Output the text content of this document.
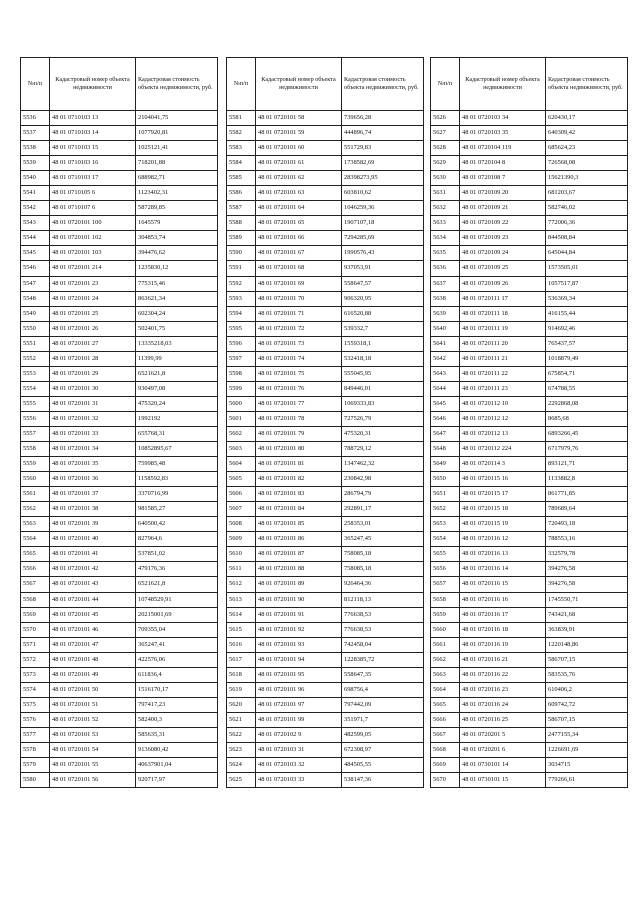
№п/п	Кадастровый номер объекта недвижимости	Кадастровая стоимость объекта недвижимости, руб.
5536	48 01 0710103 13	2104041,75
5537	48 01 0710103 14	1077920,81
5538	48 01 0710103 15	1025121,41
5539	48 01 0710103 16	718201,88
5540	48 01 0710103 17	688982,71
5541	48 01 0710105 6	1123402,31
5542	48 01 0710107 6	587289,85
5543	48 01 0720101 100	1645579
5544	48 01 0720101 102	304853,74
5545	48 01 0720101 103	394476,62
5546	48 01 0720101 214	1235830,12
5547	48 01 0720101 23	775315,46
5548	48 01 0720101 24	863621,34
5549	48 01 0720101 25	602304,24
5550	48 01 0720101 26	502401,75
5551	48 01 0720101 27	13335218,03
5552	48 01 0720101 28	11399,99
5553	48 01 0720101 29	6521621,8
5554	48 01 0720101 30	930497,08
5555	48 01 0720101 31	475320,24
5556	48 01 0720101 32	1992192
5557	48 01 0720101 33	655768,31
5558	48 01 0720101 34	10852895,67
5559	48 01 0720101 35	759985,48
5560	48 01 0720101 36	1158592,83
5561	48 01 0720101 37	3370716,99
5562	48 01 0720101 38	981585,27
5563	48 01 0720101 39	640500,42
5564	48 01 0720101 40	827964,6
5565	48 01 0720101 41	537851,02
5566	48 01 0720101 42	479176,36
5567	48 01 0720101 43	6521621,8
5568	48 01 0720101 44	10748529,91
5569	48 01 0720101 45	20215001,69
5570	48 01 0720101 46	709355,04
5571	48 01 0720101 47	365247,41
5572	48 01 0720101 48	422576,06
5573	48 01 0720101 49	611836,4
5574	48 01 0720101 50	1516170,17
5575	48 01 0720101 51	797417,23
5576	48 01 0720101 52	582400,3
5577	48 01 0720101 53	585635,31
5578	48 01 0720101 54	9136080,42
5579	48 01 0720101 55	40637901,04
5580	48 01 0720101 56	920717,97
№п/п	Кадастровый номер объекта недвижимости	Кадастровая стоимость объекта недвижимости, руб.
5581	48 01 0720101 58	739656,28
5582	48 01 0720101 59	444896,74
5583	48 01 0720101 60	551729,83
5584	48 01 0720101 61	1738582,69
5585	48 01 0720101 62	28398273,95
5586	48 01 0720101 63	603810,62
5587	48 01 0720101 64	1046259,36
5588	48 01 0720101 65	1907107,18
5589	48 01 0720101 66	7294285,69
5590	48 01 0720101 67	1990576,43
5591	48 01 0720101 68	937053,91
5592	48 01 0720101 69	558647,57
5593	48 01 0720101 70	906320,95
5594	48 01 0720101 71	616520,88
5595	48 01 0720101 72	539332,7
5596	48 01 0720101 73	1559318,1
5597	48 01 0720101 74	532418,18
5598	48 01 0720101 75	555045,95
5599	48 01 0720101 76	849446,01
5600	48 01 0720101 77	1069333,83
5601	48 01 0720101 78	727526,79
5602	48 01 0720101 79	475320,31
5603	48 01 0720101 80	788729,12
5604	48 01 0720101 81	1347462,32
5605	48 01 0720101 82	230842,98
5606	48 01 0720101 83	286794,79
5607	48 01 0720101 84	292891,17
5608	48 01 0720101 85	258353,01
5609	48 01 0720101 86	365247,45
5610	48 01 0720101 87	758085,18
5611	48 01 0720101 88	758085,18
5612	48 01 0720101 89	926464,36
5613	48 01 0720101 90	812118,13
5614	48 01 0720101 91	776638,53
5615	48 01 0720101 92	776638,53
5616	48 01 0720101 93	742458,04
5617	48 01 0720101 94	1228385,72
5618	48 01 0720101 95	558647,35
5619	48 01 0720101 96	698756,4
5620	48 01 0720101 97	797442,09
5621	48 01 0720101 99	351971,7
5622	48 01 0720102 9	482599,05
5623	48 01 0720103 31	672308,97
5624	48 01 0720103 32	484505,55
5625	48 01 0720103 33	538147,36
№п/п	Кадастровый номер объекта недвижимости	Кадастровая стоимость объекта недвижимости, руб.
5626	48 01 0720103 34	620430,17
5627	48 01 0720103 35	640309,42
5628	48 01 0720104 119	685624,23
5629	48 01 0720104 8	726568,08
5630	48 01 0720108 7	15621390,3
5631	48 01 0720109 20	681203,67
5632	48 01 0720109 21	582746,02
5633	48 01 0720109 22	772006,36
5634	48 01 0720109 23	844508,84
5635	48 01 0720109 24	645044,84
5636	48 01 0720109 25	1573505,01
5637	48 01 0720109 26	1057517,87
5638	48 01 0720111 17	536369,34
5639	48 01 0720111 18	416155,44
5640	48 01 0720111 19	914692,46
5641	48 01 0720111 20	765437,57
5642	48 01 0720111 21	1018879,49
5643	48 01 0720111 22	675854,71
5644	48 01 0720111 23	674788,55
5645	48 01 0720112 10	2292868,08
5646	48 01 0720112 12	8685,68
5647	48 01 0720112 13	6893266,45
5648	48 01 0720112 224	6717979,76
5649	48 01 0720114 3	893121,71
5650	48 01 0720115 16	1133882,8
5651	48 01 0720115 17	861771,85
5652	48 01 0720115 18	789689,64
5653	48 01 0720115 19	720493,18
5654	48 01 0720116 12	788553,16
5655	48 01 0720116 13	332579,78
5656	48 01 0720116 14	394276,58
5657	48 01 0720116 15	394276,58
5658	48 01 0720116 16	1745550,71
5659	48 01 0720116 17	743421,68
5660	48 01 0720116 18	363839,91
5661	48 01 0720116 19	1220148,86
5662	48 01 0720116 21	586707,15
5663	48 01 0720116 22	583535,76
5664	48 01 0720116 23	610406,2
5665	48 01 0720116 24	609742,72
5666	48 01 0720116 25	586707,15
5667	48 01 0720201 5	2477155,34
5668	48 01 0720201 6	1226691,69
5669	48 01 0730101 14	3034715
5670	48 01 0730101 15	779266,61
